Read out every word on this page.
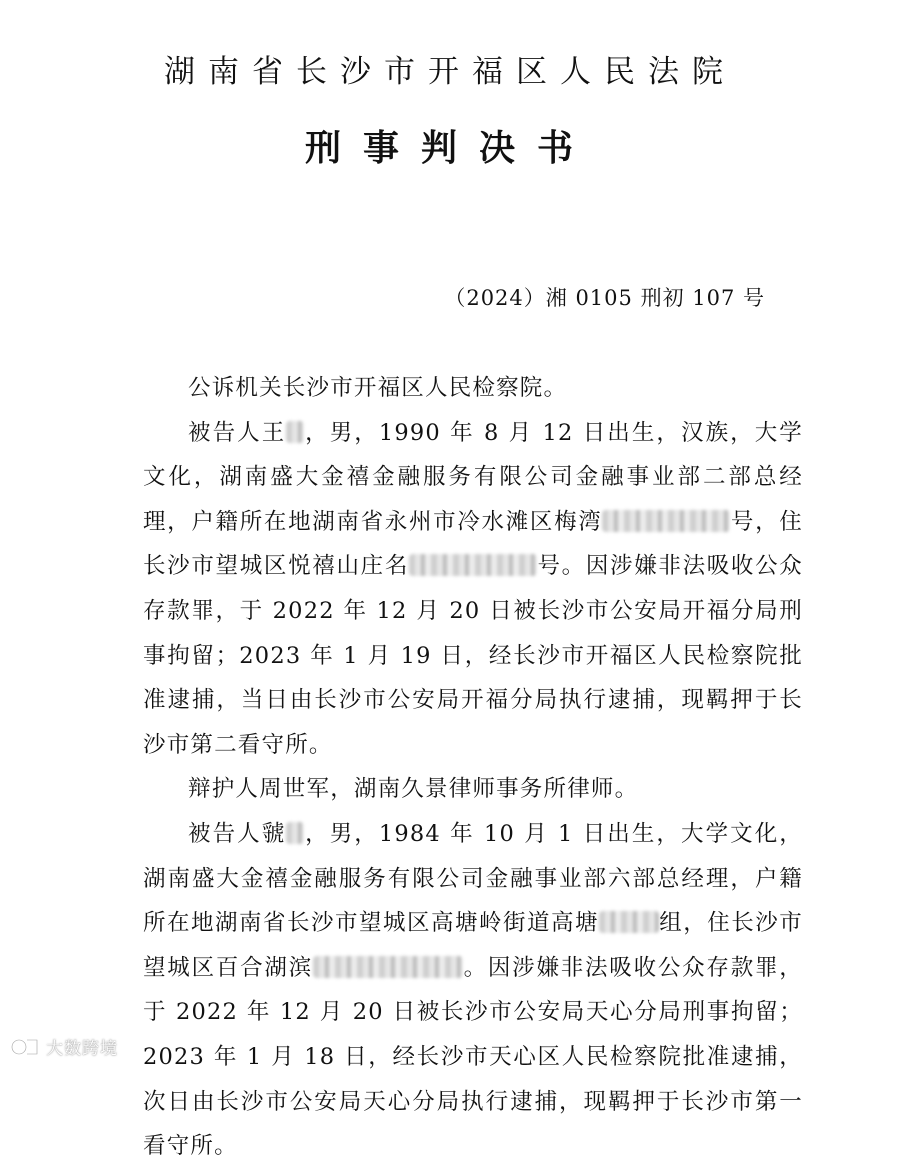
湖南省长沙市开福区人民法院
刑事判决书
（2024）湘 0105 刑初 107 号

公诉机关长沙市开福区人民检察院。

被告人王 ，男，1990 年 8 月 12 日出生，汉族，大学文化，湖南盛大金禧金融服务有限公司金融事业部二部总经理，户籍所在地湖南省永州市冷水滩区梅湾	号，住长沙市望城区悦禧山庄名	号。因涉嫌非法吸收公众存款罪，于 2022 年 12 月 20 日被长沙市公安局开福分局刑事拘留；2023 年 1 月 19 日，经长沙市开福区人民检察院批准逮捕，当日由长沙市公安局开福分局执行逮捕，现羁押于长沙市第二看守所。

辩护人周世军，湖南久景律师事务所律师。

被告人虢 ，男，1984 年 10 月 1 日出生，大学文化，湖南盛大金禧金融服务有限公司金融事业部六部总经理，户籍所在地湖南省长沙市望城区高塘岭街道高塘	组，住长沙市望城区百合湖滨	。因涉嫌非法吸收公众存款罪，于 2022 年 12 月 20 日被长沙市公安局天心分局刑事拘留；2023 年 1 月 18 日，经长沙市天心区人民检察院批准逮捕，次日由长沙市公安局天心分局执行逮捕，现羁押于长沙市第一看守所。

大数跨境
